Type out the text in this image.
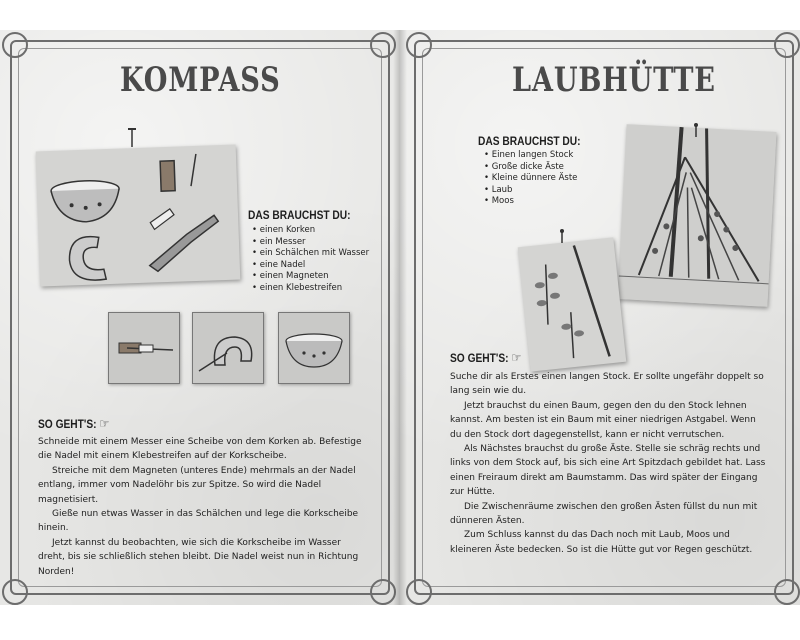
KOMPASS
DAS BRAUCHST DU:
• einen Korken
• ein Messer
• ein Schälchen mit Wasser
• eine Nadel
• einen Magneten
• einen Klebestreifen
SO GEHT'S: ☞

Schneide mit einem Messer eine Scheibe von dem Korken ab. Befestige die Nadel mit einem Klebestreifen auf der Korkscheibe.

Streiche mit dem Magneten (unteres Ende) mehrmals an der Nadel entlang, immer vom Nadelöhr bis zur Spitze. So wird die Nadel magnetisiert.

Gieße nun etwas Wasser in das Schälchen und lege die Korkscheibe hinein.

Jetzt kannst du beobachten, wie sich die Korkscheibe im Wasser dreht, bis sie schließlich stehen bleibt. Die Nadel weist nun in Richtung Norden!

LAUBHÜTTE
DAS BRAUCHST DU:
• Einen langen Stock
• Große dicke Äste
• Kleine dünnere Äste
• Laub
• Moos
SO GEHT'S: ☞

Suche dir als Erstes einen langen Stock. Er sollte ungefähr doppelt so lang sein wie du.

Jetzt brauchst du einen Baum, gegen den du den Stock lehnen kannst. Am besten ist ein Baum mit einer niedrigen Astgabel. Wenn du den Stock dort dagegenstellst, kann er nicht verrutschen.

Als Nächstes brauchst du große Äste. Stelle sie schräg rechts und links von dem Stock auf, bis sich eine Art Spitzdach gebildet hat. Lass einen Freiraum direkt am Baumstamm. Das wird später der Eingang zur Hütte.

Die Zwischenräume zwischen den großen Ästen füllst du nun mit dünneren Ästen.

Zum Schluss kannst du das Dach noch mit Laub, Moos und kleineren Äste bedecken. So ist die Hütte gut vor Regen geschützt.
